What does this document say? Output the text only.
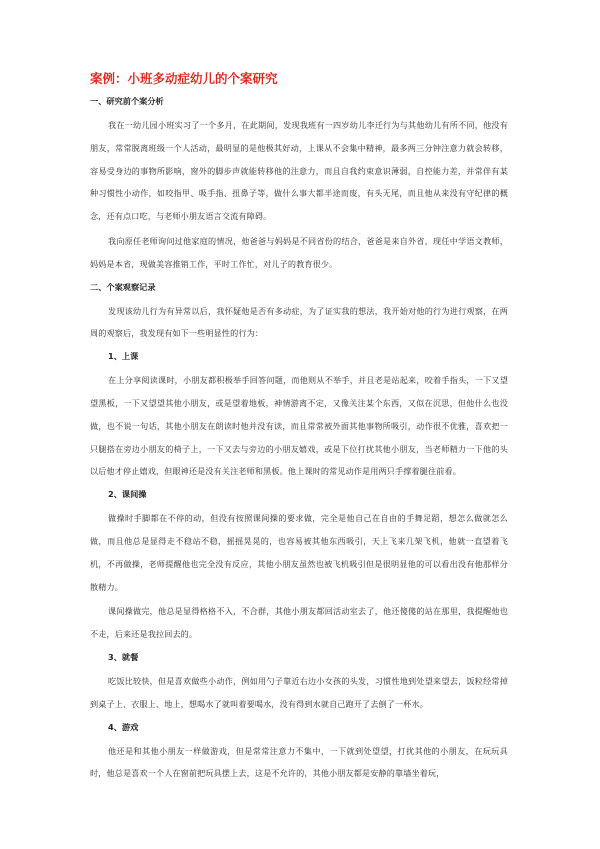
案例：小班多动症幼儿的个案研究
一、研究前个案分析

我在一幼儿园小班实习了一个多月，在此期间，发现我班有一四岁幼儿李迁行为与其他幼儿有所不同，他没有朋友，常常脱离班级一个人活动，最明显的是他极其好动，上课从不会集中精神，最多两三分钟注意力就会转移，容易受身边的事物所影响，窗外的脚步声就能转移他的注意力，而且自我约束意识薄弱，自控能力差，并常伴有某种习惯性小动作，如咬指甲、吸手指、扭鼻子等，做什么事大都半途而废，有头无尾，而且他从来没有守纪律的概念，还有点口吃，与老师小朋友语言交流有障碍。

我向原任老师询问过他家庭的情况，他爸爸与妈妈是不同省份的结合，爸爸是来自外省，现任中学语文教师，妈妈是本省，现做美容推销工作，平时工作忙，对儿子的教育很少。

二、个案观察记录

发现该幼儿行为有异常以后，我怀疑他是否有多动症，为了证实我的想法，我开始对他的行为进行观察，在两周的观察后，我发现有如下一些明显性的行为：

1、上课

在上分享阅读课时，小朋友都积极举手回答问题，而他则从不举手，并且老是站起来，咬着手指头，一下又望望黑板，一下又望望其他小朋友，或是望着地板，神情游离不定，又像关注某个东西，又似在沉思，但他什么也没做，也不说一句话，其他小朋友在朗读时他并没有读，而且常常被外面其他事物所吸引，动作很不优雅，喜欢把一只腿搭在旁边小朋友的椅子上，一下又去与旁边的小朋友嬉戏，或是下位打扰其他小朋友，当老师精力一下他的头以后他才停止嬉戏，但眼神还是没有关注老师和黑板。他上课时的常见动作是用两只手撑着腿往前看。

2、课间操

做操时手脚都在不停的动，但没有按照课间操的要求做，完全是他自己在自由的手舞足蹈，想怎么做就怎么做，而且他总是显得走不稳站不稳，摇摇晃晃的，也容易被其他东西吸引，天上飞来几架飞机，他就一直望着飞机，不再做操，老师提醒他也完全没有反应，其他小朋友虽然也被飞机吸引但是很明显他的可以看出没有他那样分散精力。

课间操做完，他总是显得格格不入，不合群，其他小朋友都回活动室去了，他还傻傻的站在那里，我提醒他也不走，后来还是我拉回去的。

3、就餐

吃饭比较快，但是喜欢做些小动作，例如用勺子靠近右边小女孩的头发，习惯性地到处望来望去，饭粒经常掉到桌子上、衣服上、地上，想喝水了就叫着要喝水，没有得到水就自己跑开了去倒了一杯水。

4、游戏

他还是和其他小朋友一样做游戏，但是常常注意力不集中，一下就到处望望，打扰其他的小朋友，在玩玩具时，他总是喜欢一个人在窗前把玩具摆上去，这是不允许的，其他小朋友都是安静的靠墙坐着玩，
